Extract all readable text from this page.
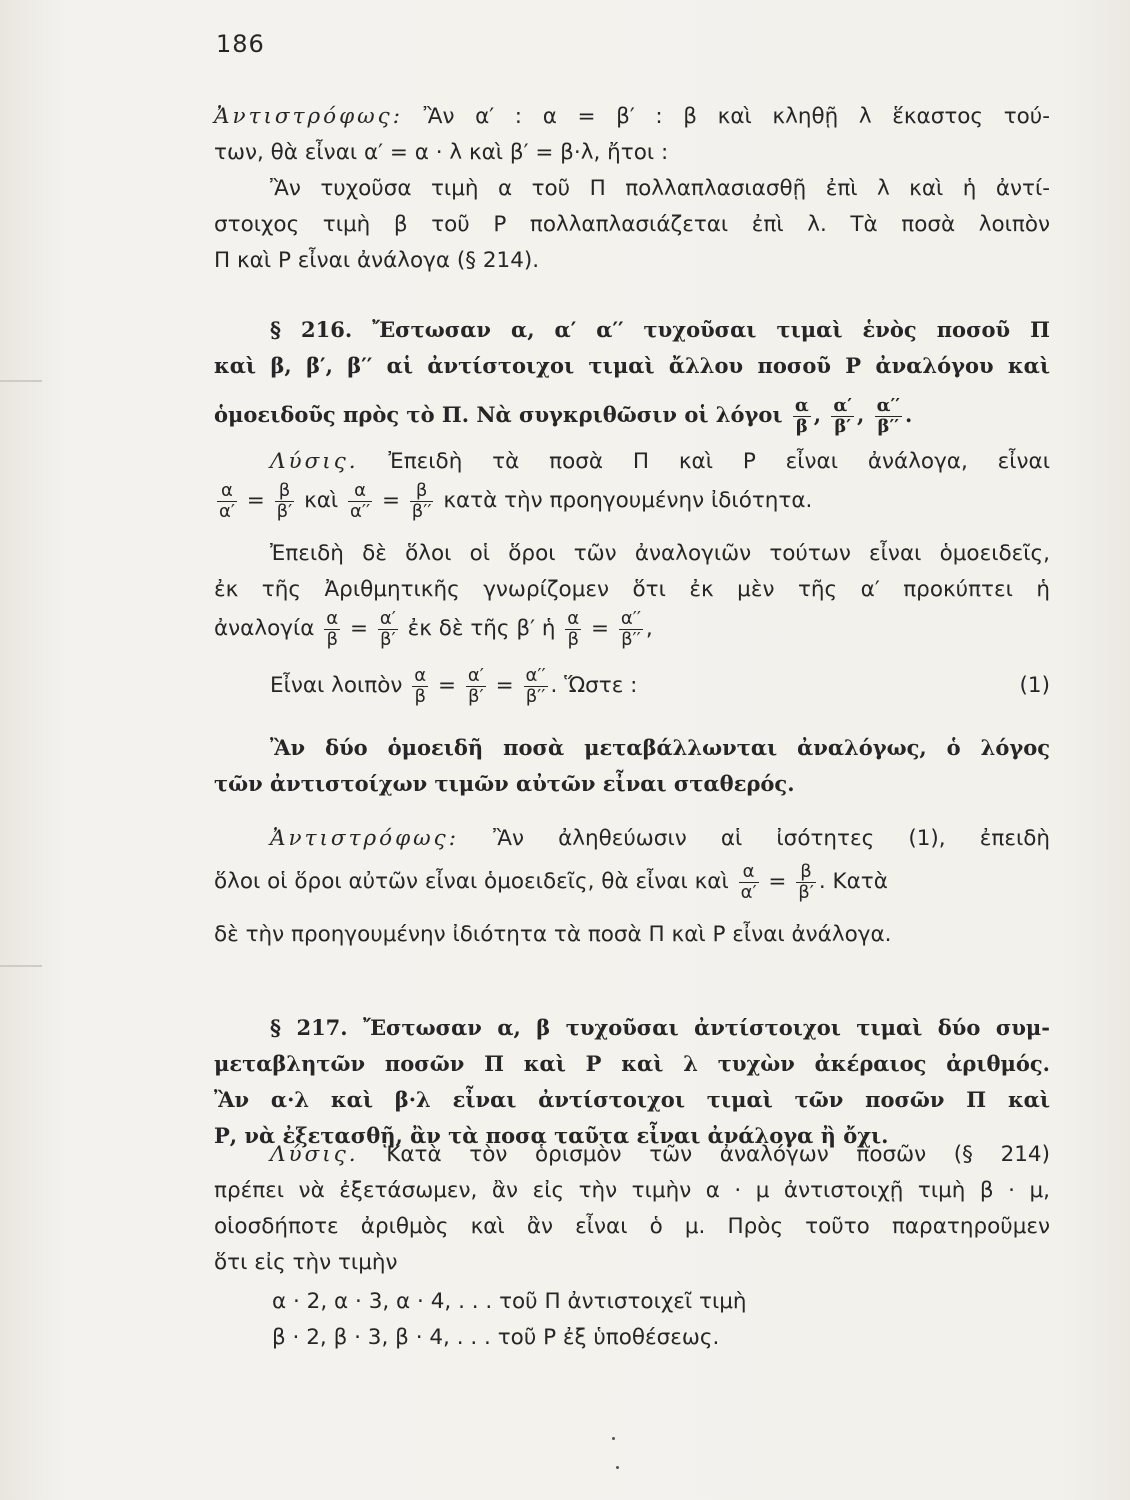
186
Ἀντιστρόφως: Ἂν α′ : α = β′ : β καὶ κληθῇ λ ἕκαστος τού-
των, θὰ εἶναι α′ = α · λ καὶ β′ = β·λ, ἤτοι :
Ἂν τυχοῦσα τιμὴ α τοῦ Π πολλαπλασιασθῇ ἐπὶ λ καὶ ἡ ἀντί-
στοιχος τιμὴ β τοῦ Ρ πολλαπλασιάζεται ἐπὶ λ. Τὰ ποσὰ λοιπὸν
Π καὶ Ρ εἶναι ἀνάλογα (§ 214).
§ 216. Ἔστωσαν α, α′ α′′ τυχοῦσαι τιμαὶ ἑνὸς ποσοῦ Π
καὶ β, β′, β′′ αἱ ἀντίστοιχοι τιμαὶ ἄλλου ποσοῦ Ρ ἀναλόγου καὶ
ὁμοειδοῦς πρὸς τὸ Π. Νὰ συγκριθῶσιν οἱ λόγοι $\frac{\alpha}{\beta}$ , $\frac{\alpha'}{\beta'}$ , $\frac{\alpha''}{\beta''}$ .
Λύσις. Ἐπειδὴ τὰ ποσὰ Π καὶ Ρ εἶναι ἀνάλογα, εἶναι
$\frac{\alpha}{\alpha'} = \frac{\beta}{\beta'}$ καὶ $\frac{\alpha}{\alpha''} = \frac{\beta}{\beta''}$ κατὰ τὴν προηγουμένην ἰδιότητα.
Ἐπειδὴ δὲ ὅλοι οἱ ὅροι τῶν ἀναλογιῶν τούτων εἶναι ὁμοειδεῖς,
ἐκ τῆς Ἀριθμητικῆς γνωρίζομεν ὅτι ἐκ μὲν τῆς α′ προκύπτει ἡ
ἀναλογία $\frac{\alpha}{\beta} = \frac{\alpha'}{\beta'}$ ἐκ δὲ τῆς β′ ἡ $\frac{\alpha}{\beta} = \frac{\alpha''}{\beta''}$ ,
Εἶναι λοιπὸν $\frac{\alpha}{\beta} = \frac{\alpha'}{\beta'} = \frac{\alpha''}{\beta''}$ . Ὥστε :	(1)
Ἂν δύο ὁμοειδῆ ποσὰ μεταβάλλωνται ἀναλόγως, ὁ λόγος
τῶν ἀντιστοίχων τιμῶν αὐτῶν εἶναι σταθερός.
Ἀντιστρόφως: Ἂν ἀληθεύωσιν αἱ ἰσότητες (1), ἐπειδὴ
ὅλοι οἱ ὅροι αὐτῶν εἶναι ὁμοειδεῖς, θὰ εἶναι καὶ $\frac{\alpha}{\alpha'} = \frac{\beta}{\beta'}$ . Κατὰ
δὲ τὴν προηγουμένην ἰδιότητα τὰ ποσὰ Π καὶ Ρ εἶναι ἀνάλογα.
§ 217. Ἔστωσαν α, β τυχοῦσαι ἀντίστοιχοι τιμαὶ δύο συμ-
μεταβλητῶν ποσῶν Π καὶ Ρ καὶ λ τυχὼν ἀκέραιος ἀριθμός.
Ἂν α·λ καὶ β·λ εἶναι ἀντίστοιχοι τιμαὶ τῶν ποσῶν Π καὶ
Ρ, νὰ ἐξετασθῇ, ἂν τὰ ποσα ταῦτα εἶναι ἀνάλογα ἢ ὄχι.
Λύσις. Κατὰ τὸν ὁρισμὸν τῶν ἀναλόγων ποσῶν (§ 214)
πρέπει νὰ ἐξετάσωμεν, ἂν εἰς τὴν τιμὴν α · μ ἀντιστοιχῇ τιμὴ β · μ,
οἱοσδήποτε ἀριθμὸς καὶ ἂν εἶναι ὁ μ. Πρὸς τοῦτο παρατηροῦμεν
ὅτι εἰς τὴν τιμὴν
α · 2, α · 3, α · 4, . . . τοῦ Π ἀντιστοιχεῖ τιμὴ
β · 2, β · 3, β · 4, . . . τοῦ Ρ ἐξ ὑποθέσεως.
